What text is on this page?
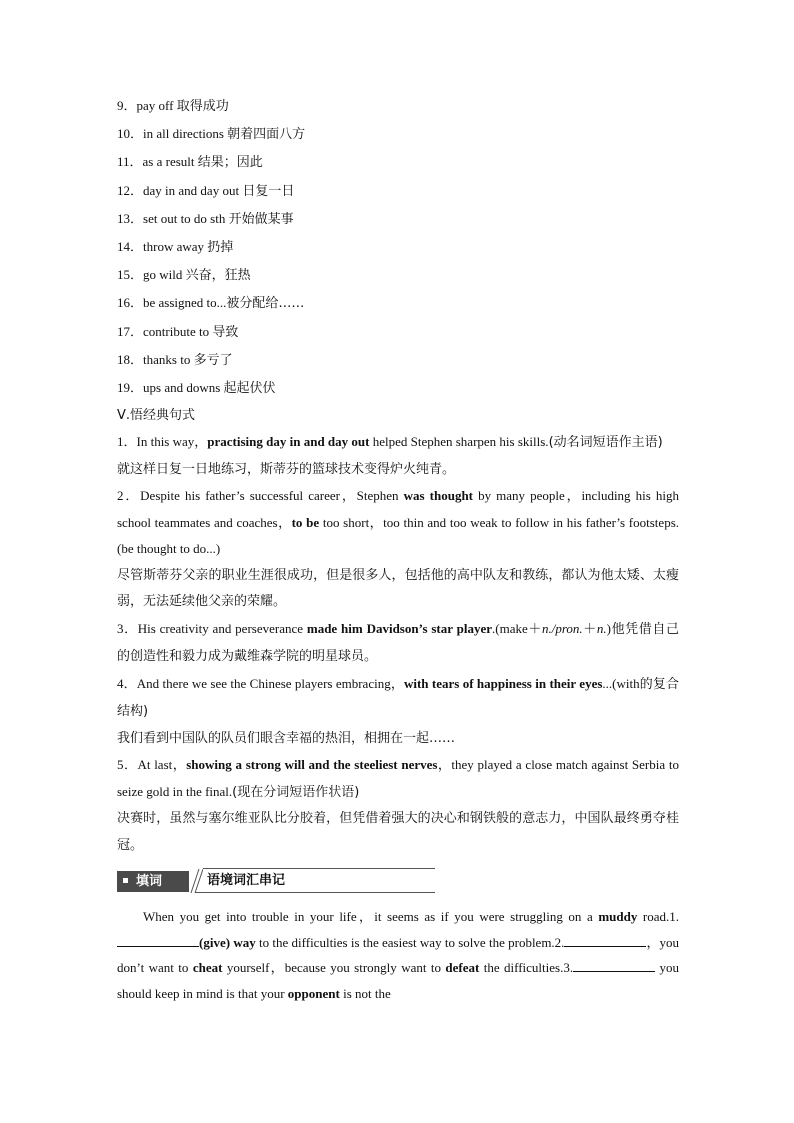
9．pay off 取得成功
10．in all directions 朝着四面八方
11．as a result 结果；因此
12．day in and day out 日复一日
13．set out to do sth 开始做某事
14．throw away 扔掉
15．go wild 兴奋，狂热
16．be assigned to...被分配给……
17．contribute to 导致
18．thanks to 多亏了
19．ups and downs 起起伏伏
Ⅴ.悟经典句式
1．In this way，practising day in and day out helped Stephen sharpen his skills.(动名词短语作主语)
就这样日复一日地练习，斯蒂芬的篮球技术变得炉火纯青。
2．Despite his father’s successful career，Stephen was thought by many people，including his high school teammates and coaches，to be too short，too thin and too weak to follow in his father’s footsteps.(be thought to do...)
尽管斯蒂芬父亲的职业生涯很成功，但是很多人，包括他的高中队友和教练，都认为他太矮、太瘦弱，无法延续他父亲的荣耀。
3．His creativity and perseverance made him Davidson’s star player.(make＋n./pron.＋n.)他凭借自己的创造性和毅力成为戴维森学院的明星球员。
4．And there we see the Chinese players embracing，with tears of happiness in their eyes...(with的复合结构)
我们看到中国队的队员们眼含幸福的热泪，相拥在一起……
5．At last，showing a strong will and the steeliest nerves，they played a close match against Serbia to seize gold in the final.(现在分词短语作状语)
决赛时，虽然与塞尔维亚队比分胶着，但凭借着强大的决心和钢铁般的意志力，中国队最终勇夺桂冠。
填词	语境词汇串记
When you get into trouble in your life，it seems as if you were struggling on a muddy road.1.(give) way to the difficulties is the easiest way to solve the problem.2.	，you don’t want to cheat yourself，because you strongly want to defeat the difficulties.3.	you should keep in mind is that your opponent is not the
